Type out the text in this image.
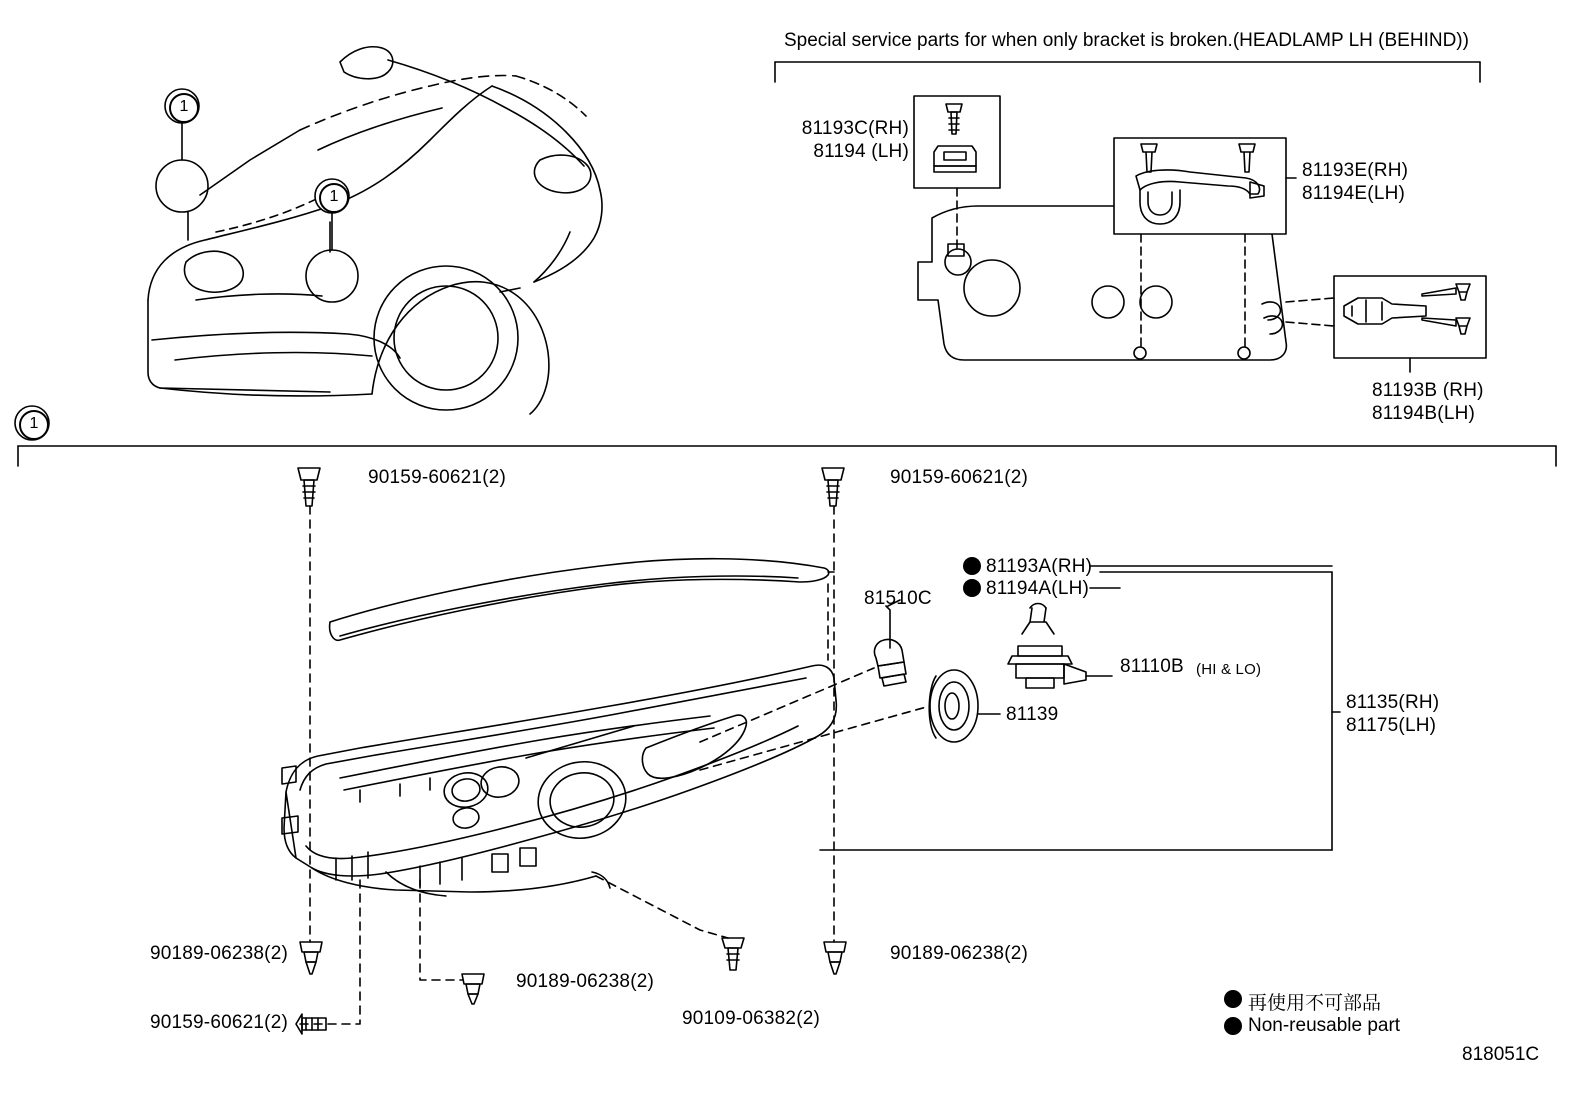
1
1
1
Special service parts for when only bracket is broken.(HEADLAMP LH (BEHIND))
81193C(RH)
81194 (LH)
81193E(RH)
81194E(LH)
81193B (RH)
81194B(LH)
90159-60621(2)	90159-60621(2)
81193A(RH)
81194A(LH)
81510C
81110B (HI & LO)
81139
81135(RH)
81175(LH)
90189-06238(2)
90189-06238(2)
90189-06238(2)
90159-60621(2)	90109-06382(2)
再使用不可部品
Non-reusable part
818051C
